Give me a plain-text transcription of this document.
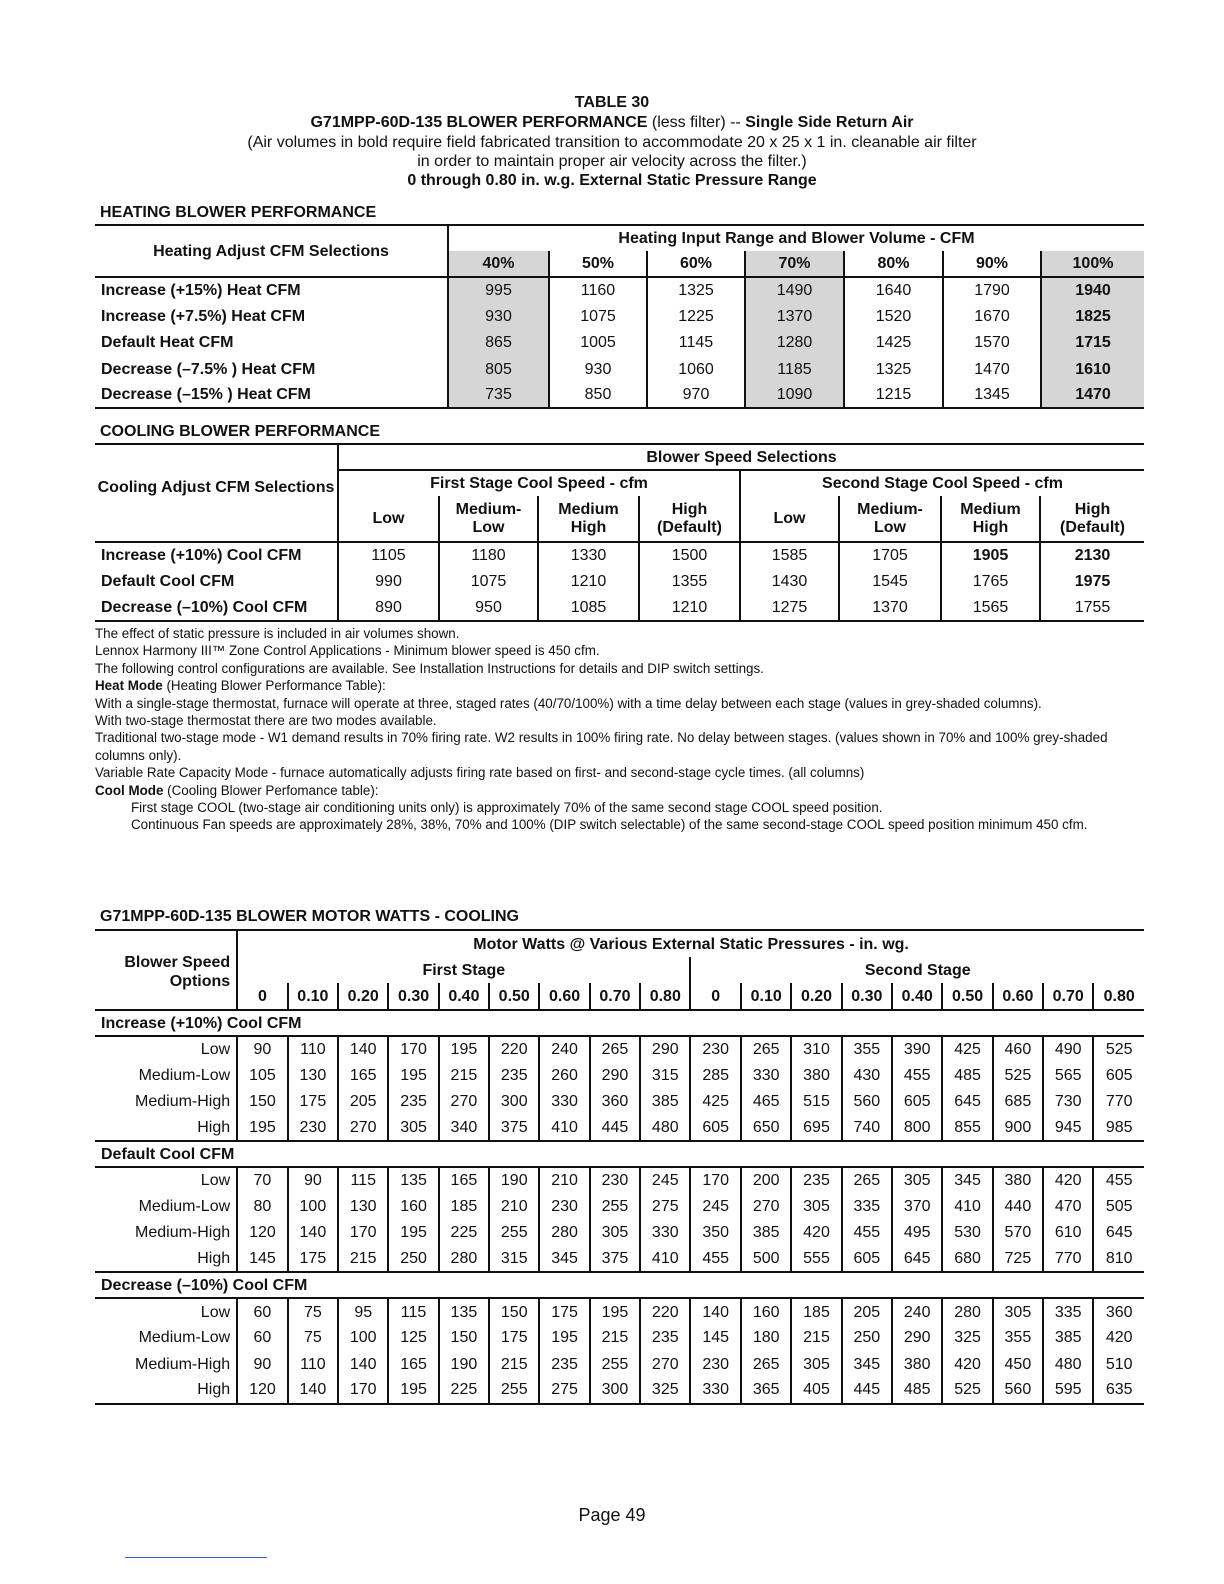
TABLE 30
G71MPP-60D-135 BLOWER PERFORMANCE (less filter) -- Single Side Return Air
(Air volumes in bold require field fabricated transition to accommodate 20 x 25 x 1 in. cleanable air filter
in order to maintain proper air velocity across the filter.)
0 through 0.80 in. w.g. External Static Pressure Range
HEATING BLOWER PERFORMANCE
Heating Adjust CFM Selections	Heating Input Range and Blower Volume - CFM						
	40%	50%	60%	70%	80%	90%	100%
Increase (+15%) Heat CFM	995	1160	1325	1490	1640	1790	1940
Increase (+7.5%) Heat CFM	930	1075	1225	1370	1520	1670	1825
Default Heat CFM	865	1005	1145	1280	1425	1570	1715
Decrease (–7.5% ) Heat CFM	805	930	1060	1185	1325	1470	1610
Decrease (–15% ) Heat CFM	735	850	970	1090	1215	1345	1470
COOLING BLOWER PERFORMANCE
Cooling Adjust CFM Selections	Blower Speed Selections							
	First Stage Cool Speed - cfm				Second Stage Cool Speed - cfm			
	Low	Medium-Low	Medium High	High (Default)	Low	Medium-Low	Medium High	High (Default)
Increase (+10%) Cool CFM	1105	1180	1330	1500	1585	1705	1905	2130
Default Cool CFM	990	1075	1210	1355	1430	1545	1765	1975
Decrease (–10%) Cool CFM	890	950	1085	1210	1275	1370	1565	1755
The effect of static pressure is included in air volumes shown.
Lennox Harmony III™ Zone Control Applications - Minimum blower speed is 450 cfm.
The following control configurations are available. See Installation Instructions for details and DIP switch settings.
Heat Mode (Heating Blower Performance Table):
With a single-stage thermostat, furnace will operate at three, staged rates (40/70/100%) with a time delay between each stage (values in grey-shaded columns).
With two-stage thermostat there are two modes available.
Traditional two-stage mode - W1 demand results in 70% firing rate. W2 results in 100% firing rate. No delay between stages. (values shown in 70% and 100% grey-shaded columns only).
Variable Rate Capacity Mode - furnace automatically adjusts firing rate based on first- and second-stage cycle times. (all columns)
Cool Mode (Cooling Blower Perfomance table):
First stage COOL (two-stage air conditioning units only) is approximately 70% of the same second stage COOL speed position.
Continuous Fan speeds are approximately 28%, 38%, 70% and 100% (DIP switch selectable) of the same second-stage COOL speed position minimum 450 cfm.
G71MPP-60D-135 BLOWER MOTOR WATTS - COOLING
Blower Speed Options	Motor Watts @ Various External Static Pressures - in. wg.																	
	First Stage									Second Stage								
	0	0.10	0.20	0.30	0.40	0.50	0.60	0.70	0.80	0	0.10	0.20	0.30	0.40	0.50	0.60	0.70	0.80
Increase (+10%) Cool CFM																		
Low	90	110	140	170	195	220	240	265	290	230	265	310	355	390	425	460	490	525
Medium-Low	105	130	165	195	215	235	260	290	315	285	330	380	430	455	485	525	565	605
Medium-High	150	175	205	235	270	300	330	360	385	425	465	515	560	605	645	685	730	770
High	195	230	270	305	340	375	410	445	480	605	650	695	740	800	855	900	945	985
Default Cool CFM																		
Low	70	90	115	135	165	190	210	230	245	170	200	235	265	305	345	380	420	455
Medium-Low	80	100	130	160	185	210	230	255	275	245	270	305	335	370	410	440	470	505
Medium-High	120	140	170	195	225	255	280	305	330	350	385	420	455	495	530	570	610	645
High	145	175	215	250	280	315	345	375	410	455	500	555	605	645	680	725	770	810
Decrease (–10%) Cool CFM																		
Low	60	75	95	115	135	150	175	195	220	140	160	185	205	240	280	305	335	360
Medium-Low	60	75	100	125	150	175	195	215	235	145	180	215	250	290	325	355	385	420
Medium-High	90	110	140	165	190	215	235	255	270	230	265	305	345	380	420	450	480	510
High	120	140	170	195	225	255	275	300	325	330	365	405	445	485	525	560	595	635
Page 49
